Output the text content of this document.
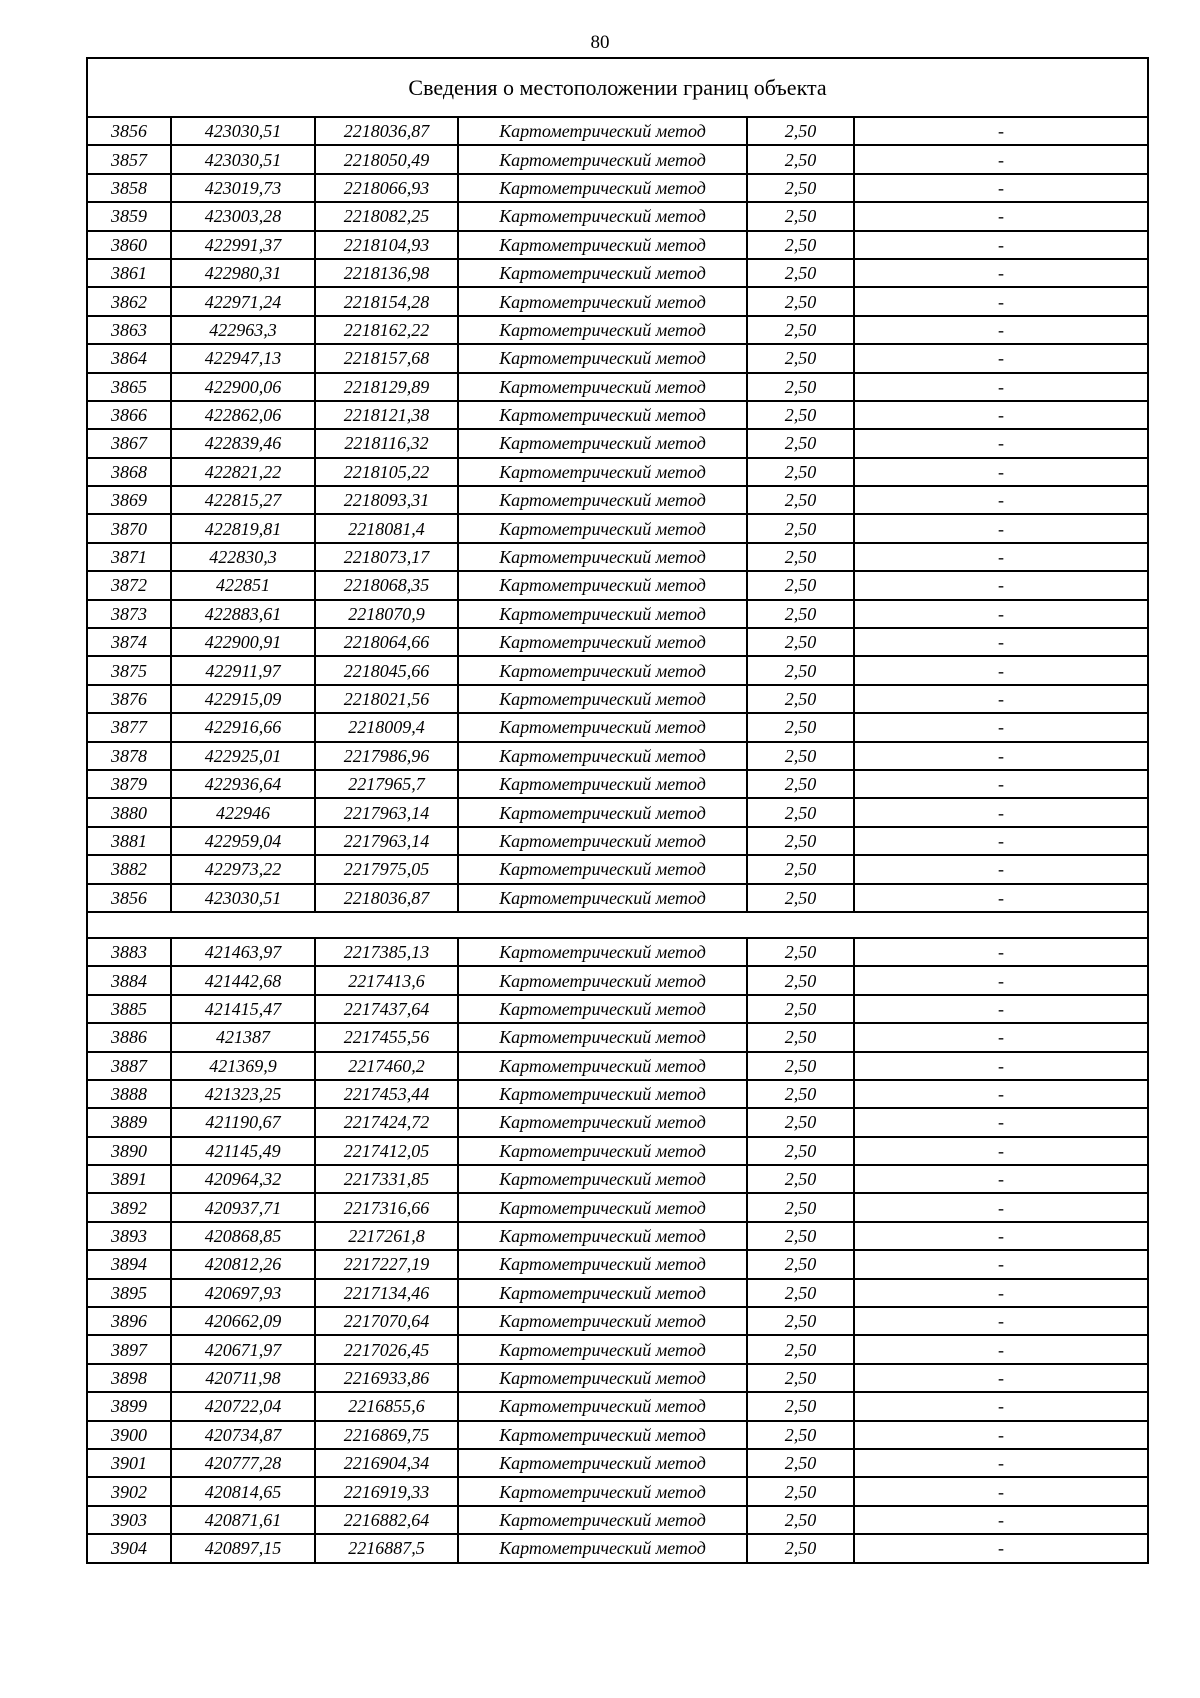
80
Сведения о местоположении границ объекта					
3856	423030,51	2218036,87	Картометрический метод	2,50	-
3857	423030,51	2218050,49	Картометрический метод	2,50	-
3858	423019,73	2218066,93	Картометрический метод	2,50	-
3859	423003,28	2218082,25	Картометрический метод	2,50	-
3860	422991,37	2218104,93	Картометрический метод	2,50	-
3861	422980,31	2218136,98	Картометрический метод	2,50	-
3862	422971,24	2218154,28	Картометрический метод	2,50	-
3863	422963,3	2218162,22	Картометрический метод	2,50	-
3864	422947,13	2218157,68	Картометрический метод	2,50	-
3865	422900,06	2218129,89	Картометрический метод	2,50	-
3866	422862,06	2218121,38	Картометрический метод	2,50	-
3867	422839,46	2218116,32	Картометрический метод	2,50	-
3868	422821,22	2218105,22	Картометрический метод	2,50	-
3869	422815,27	2218093,31	Картометрический метод	2,50	-
3870	422819,81	2218081,4	Картометрический метод	2,50	-
3871	422830,3	2218073,17	Картометрический метод	2,50	-
3872	422851	2218068,35	Картометрический метод	2,50	-
3873	422883,61	2218070,9	Картометрический метод	2,50	-
3874	422900,91	2218064,66	Картометрический метод	2,50	-
3875	422911,97	2218045,66	Картометрический метод	2,50	-
3876	422915,09	2218021,56	Картометрический метод	2,50	-
3877	422916,66	2218009,4	Картометрический метод	2,50	-
3878	422925,01	2217986,96	Картометрический метод	2,50	-
3879	422936,64	2217965,7	Картометрический метод	2,50	-
3880	422946	2217963,14	Картометрический метод	2,50	-
3881	422959,04	2217963,14	Картометрический метод	2,50	-
3882	422973,22	2217975,05	Картометрический метод	2,50	-
3856	423030,51	2218036,87	Картометрический метод	2,50	-

3883	421463,97	2217385,13	Картометрический метод	2,50	-
3884	421442,68	2217413,6	Картометрический метод	2,50	-
3885	421415,47	2217437,64	Картометрический метод	2,50	-
3886	421387	2217455,56	Картометрический метод	2,50	-
3887	421369,9	2217460,2	Картометрический метод	2,50	-
3888	421323,25	2217453,44	Картометрический метод	2,50	-
3889	421190,67	2217424,72	Картометрический метод	2,50	-
3890	421145,49	2217412,05	Картометрический метод	2,50	-
3891	420964,32	2217331,85	Картометрический метод	2,50	-
3892	420937,71	2217316,66	Картометрический метод	2,50	-
3893	420868,85	2217261,8	Картометрический метод	2,50	-
3894	420812,26	2217227,19	Картометрический метод	2,50	-
3895	420697,93	2217134,46	Картометрический метод	2,50	-
3896	420662,09	2217070,64	Картометрический метод	2,50	-
3897	420671,97	2217026,45	Картометрический метод	2,50	-
3898	420711,98	2216933,86	Картометрический метод	2,50	-
3899	420722,04	2216855,6	Картометрический метод	2,50	-
3900	420734,87	2216869,75	Картометрический метод	2,50	-
3901	420777,28	2216904,34	Картометрический метод	2,50	-
3902	420814,65	2216919,33	Картометрический метод	2,50	-
3903	420871,61	2216882,64	Картометрический метод	2,50	-
3904	420897,15	2216887,5	Картометрический метод	2,50	-
